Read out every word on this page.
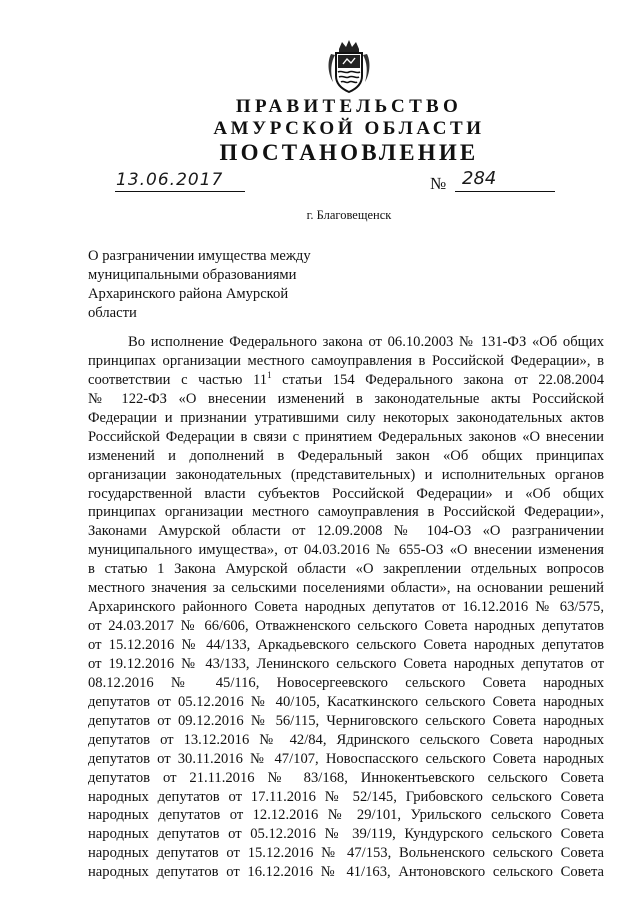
ПРАВИТЕЛЬСТВО
АМУРСКОЙ ОБЛАСТИ
ПОСТАНОВЛЕНИЕ
13.06.2017	№ 284
г. Благовещенск
О разграничении имущества между
муниципальными образованиями
Архаринского района Амурской
области
Во исполнение Федерального закона от 06.10.2003 № 131-ФЗ «Об общих
принципах организации местного самоуправления в Российской Федерации», в
соответствии с частью $11^1$ статьи 154 Федерального закона от 22.08.2004
№ 122-ФЗ «О внесении изменений в законодательные акты Российской
Федерации и признании утратившими силу некоторых законодательных актов
Российской Федерации в связи с принятием Федеральных законов «О внесении
изменений и дополнений в Федеральный закон «Об общих принципах
организации законодательных (представительных) и исполнительных органов
государственной власти субъектов Российской Федерации» и «Об общих
принципах организации местного самоуправления в Российской Федерации»,
Законами Амурской области от 12.09.2008 № 104-ОЗ «О разграничении
муниципального имущества», от 04.03.2016 № 655-ОЗ «О внесении изменения
в статью 1 Закона Амурской области «О закреплении отдельных вопросов
местного значения за сельскими поселениями области», на основании решений
Архаринского районного Совета народных депутатов от 16.12.2016 № 63/575,
от 24.03.2017 № 66/606, Отважненского сельского Совета народных депутатов
от 15.12.2016 № 44/133, Аркадьевского сельского Совета народных депутатов
от 19.12.2016 № 43/133, Ленинского сельского Совета народных депутатов от
08.12.2016 № 45/116, Новосергеевского сельского Совета народных
депутатов от 05.12.2016 № 40/105, Касаткинского сельского Совета народных
депутатов от 09.12.2016 № 56/115, Черниговского сельского Совета народных
депутатов от 13.12.2016 № 42/84, Ядринского сельского Совета народных
депутатов от 30.11.2016 № 47/107, Новоспасского сельского Совета народных
депутатов от 21.11.2016 № 83/168, Иннокентьевского сельского Совета
народных депутатов от 17.11.2016 № 52/145, Грибовского сельского Совета
народных депутатов от 12.12.2016 № 29/101, Урильского сельского Совета
народных депутатов от 05.12.2016 № 39/119, Кундурского сельского Совета
народных депутатов от 15.12.2016 № 47/153, Вольненского сельского Совета
народных депутатов от 16.12.2016 № 41/163, Антоновского сельского Совета
